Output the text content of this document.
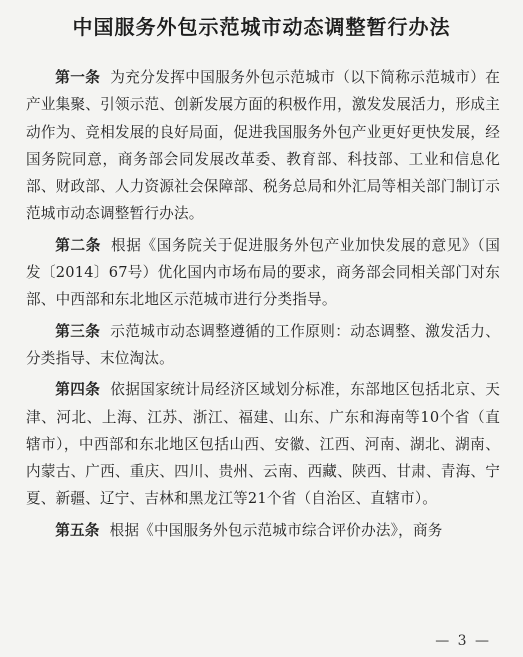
中国服务外包示范城市动态调整暂行办法

第一条 为充分发挥中国服务外包示范城市（以下简称示范城市）在产业集聚、引领示范、创新发展方面的积极作用，激发发展活力，形成主动作为、竞相发展的良好局面，促进我国服务外包产业更好更快发展，经国务院同意，商务部会同发展改革委、教育部、科技部、工业和信息化部、财政部、人力资源社会保障部、税务总局和外汇局等相关部门制订示范城市动态调整暂行办法。

第二条 根据《国务院关于促进服务外包产业加快发展的意见》（国发〔2014〕67号）优化国内市场布局的要求，商务部会同相关部门对东部、中西部和东北地区示范城市进行分类指导。

第三条 示范城市动态调整遵循的工作原则：动态调整、激发活力、分类指导、末位淘汰。

第四条 依据国家统计局经济区域划分标准，东部地区包括北京、天津、河北、上海、江苏、浙江、福建、山东、广东和海南等10个省（直辖市），中西部和东北地区包括山西、安徽、江西、河南、湖北、湖南、内蒙古、广西、重庆、四川、贵州、云南、西藏、陕西、甘肃、青海、宁夏、新疆、辽宁、吉林和黑龙江等21个省（自治区、直辖市）。

第五条 根据《中国服务外包示范城市综合评价办法》，商务

— 3 —
